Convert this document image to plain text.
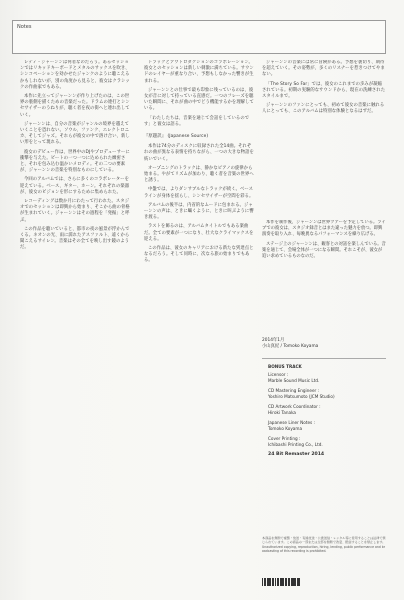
Notes

レディ・ジャーンンは何者なのだろう。あるセッションではリキッドキーボードとメタルのサックスを吹き、シンコペーションを効かせたジャンクのように聴こえるかもしれないが、別の角度から見ると、彼女はクラシックの作曲家でもある。

本作に先立ってジャーンンが作り上げたのは、この世界の裏側を描くための音楽だった。ドラムの連打とシンセサイザーのうねりが、聴く者を夜の街へと連れ出していく。

ジャーンンは、自分の音楽がジャンルの境界を越えていくことを恐れない。ソウル、ファンク、エレクトロニカ、そしてジャズ。それらが彼女の中で溶け合い、新しい形をとって現れる。

彼女のデビュー作は、世界中のDJやプロデューサーに衝撃を与えた。ビートの一つ一つに込められた緻密さと、それを包み込む温かいメロディ。その二つの要素が、ジャーンンの音楽を特別なものにしている。

今回のアルバムでは、さらに多くのコラボレーターを迎えている。ベース、ギター、ホーン。それぞれの楽器が、彼女のビジョンを形にするために集められた。

レコーディングは数か月にわたって行われた。スタジオでのセッションは即興から始まり、そこから曲の骨格が生まれていく。ジャーンンはその過程を「発掘」と呼ぶ。

この作品を聴いていると、都市の夜の風景が浮かんでくる。ネオンの光、雨に濡れたアスファルト、遠くから聞こえるサイレン。音楽はその全てを映し出す鏡のようだ。

トラックとアウトロダクションのコラボレーション。彼女とのセッションは新しい刺激に満ちている。サウンドのレイヤーが重なり合い、予想もしなかった響きが生まれる。

ジャーンンとの仕事で最も印象に残っているのは、彼女が音に対して持っている直感だ。一つのフレーズを聴いた瞬間に、それが曲の中でどう機能するかを理解している。

「わたしたちは、音楽を通じて会話をしているのです」と彼女は語る。

『原題訳』 (Japanese Source)

本作は74分のディスクに収録された全14曲。それぞれの曲が異なる表情を持ちながら、一つの大きな物語を紡いでいく。

オープニングのトラックは、静かなピアノの旋律から始まる。やがてリズムが加わり、聴く者を音楽の世界へと誘う。

中盤では、よりダンサブルなトラックが続く。ベースラインが身体を揺らし、シンセサイザーが空間を彩る。

アルバムの後半は、内省的なムードに包まれる。ジャーンンの声は、ときに囁くように、ときに叫ぶように響き渡る。

ラストを飾るのは、アルバムタイトルでもある楽曲だ。全ての要素が一つになり、壮大なクライマックスを迎える。

この作品は、彼女のキャリアにおける新たな到達点となるだろう。そして同時に、次なる旅の始まりでもある。

ジャーンンの音楽には常に冒険がある。予想を裏切り、期待を超えていく。その姿勢が、多くのリスナーを惹きつけてやまない。

「The Story So Far」では、彼女のこれまでの歩みが凝縮されている。初期の実験的なサウンドから、現在の洗練されたスタイルまで。

ジャーンンのファンにとっても、初めて彼女の音楽に触れる人にとっても、このアルバムは特別な体験となるはずだ。

本作を制作後、ジャーンンは世界ツアーを予定している。ライブでの彼女は、スタジオ録音とはまた違った魅力を放つ。即興演奏を取り入れ、毎晩異なるパフォーマンスを繰り広げる。

ステージ上のジャーンンは、観客との対話を楽しんでいる。音楽を通じて、会場全体が一つになる瞬間。それこそが、彼女が追い求めているものなのだ。

2014年1月
小山真紀 / Tomoko Koyama
BONUS TRACK
Licensor :
Marble Sound Music Ltd.
CD Mastering Engineer :
Yoshiro Matsumoto (JCM Studio)
CD Artwork Coordinator :
Hiroki Tanaka
Japanese Liner Notes :
Tomoko Koyama
Cover Printing :
Ichibashi Printing Co., Ltd.
24 Bit Remaster 2014
本商品を無断で複製・放送・有線放送・公衆送信・レンタル等に使用することは法律で禁じられています。この商品の一部または全部を無断で改変、配信することを禁止します。Unauthorized copying, reproduction, hiring, lending, public performance and broadcasting of this recording is prohibited.
